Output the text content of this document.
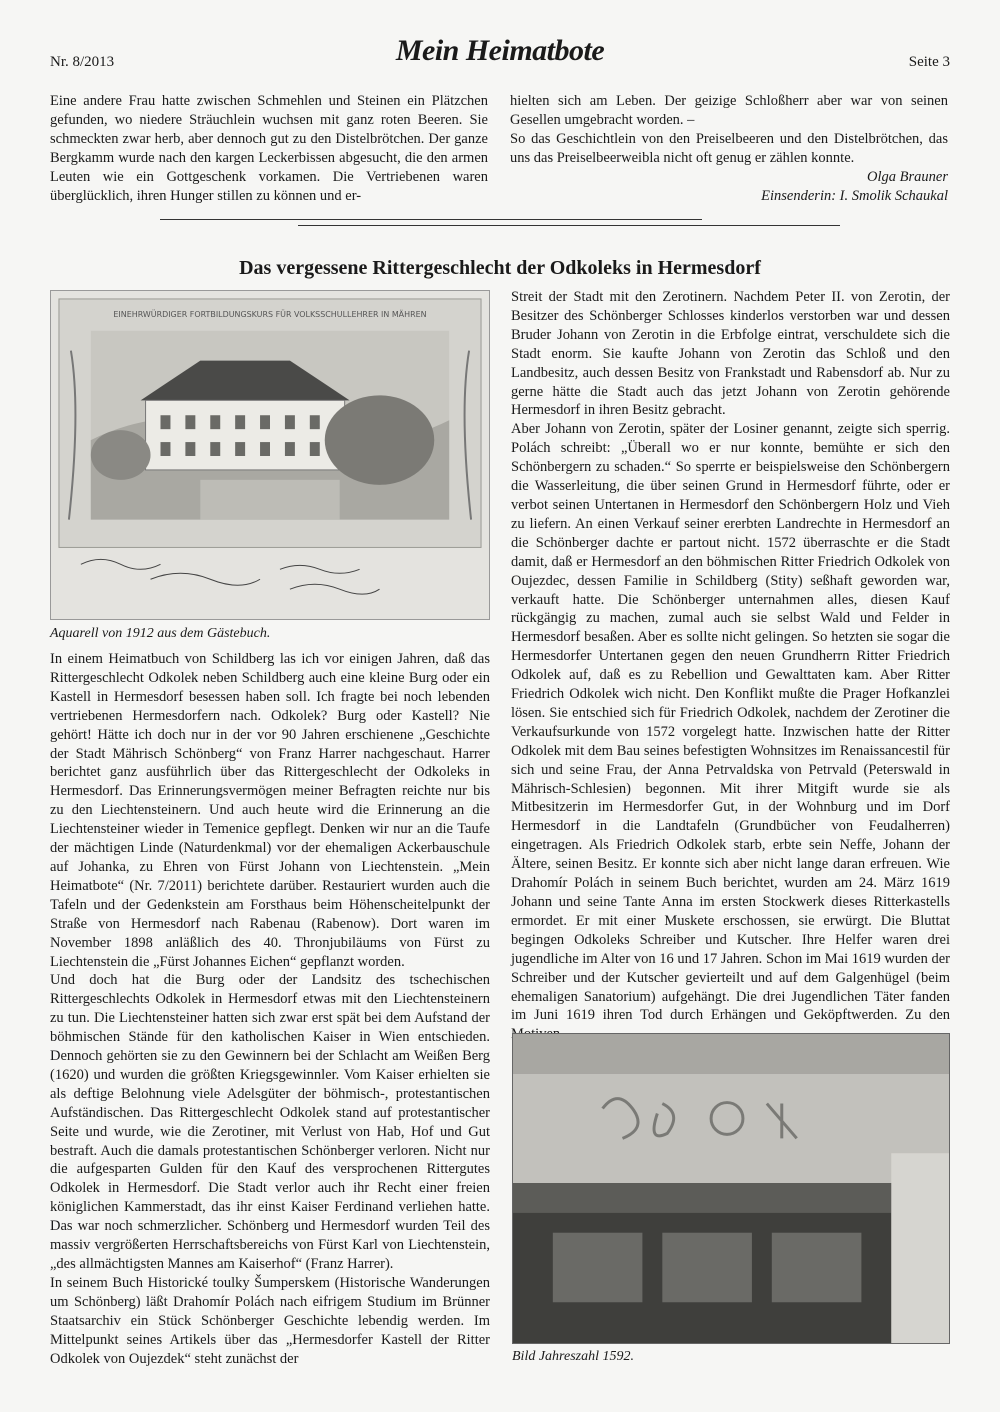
Nr. 8/2013	Mein Heimatbote	Seite 3

Eine andere Frau hatte zwischen Schmehlen und Steinen ein Plätzchen gefunden, wo niedere Sträuchlein wuchsen mit ganz roten Beeren. Sie schmeckten zwar herb, aber dennoch gut zu den Distelbrötchen. Der ganze Bergkamm wurde nach den kargen Leckerbissen abgesucht, die den armen Leuten wie ein Gottgeschenk vorkamen. Die Vertriebenen waren überglücklich, ihren Hunger stillen zu können und er-

hielten sich am Leben. Der geizige Schloßherr aber war von seinen Gesellen umgebracht worden. –

So das Geschichtlein von den Preiselbeeren und den Distelbrötchen, das uns das Preiselbeerweibla nicht oft genug er zählen konnte.

Olga Brauner

Einsenderin: I. Smolik Schaukal

Das vergessene Rittergeschlecht der Odkoleks in Hermesdorf
EINEHRWÜRDIGER FORTBILDUNGSKURS FÜR VOLKSSCHULLEHRER IN MÄHREN
Aquarell von 1912 aus dem Gästebuch.

In einem Heimatbuch von Schildberg las ich vor einigen Jahren, daß das Rittergeschlecht Odkolek neben Schildberg auch eine kleine Burg oder ein Kastell in Hermesdorf besessen haben soll. Ich fragte bei noch lebenden vertriebenen Hermesdorfern nach. Odkolek? Burg oder Kastell? Nie gehört! Hätte ich doch nur in der vor 90 Jahren erschienene „Geschichte der Stadt Mährisch Schönberg“ von Franz Harrer nachgeschaut. Harrer berichtet ganz ausführlich über das Rittergeschlecht der Odkoleks in Hermesdorf. Das Erinnerungsvermögen meiner Befragten reichte nur bis zu den Liechtensteinern. Und auch heute wird die Erinnerung an die Liechtensteiner wieder in Temenice gepflegt. Denken wir nur an die Taufe der mächtigen Linde (Naturdenkmal) vor der ehemaligen Ackerbauschule auf Johanka, zu Ehren von Fürst Johann von Liechtenstein. „Mein Heimatbote“ (Nr. 7/2011) berichtete darüber. Restauriert wurden auch die Tafeln und der Gedenkstein am Forsthaus beim Höhenscheitelpunkt der Straße von Hermesdorf nach Rabenau (Rabenow). Dort waren im November 1898 anläßlich des 40. Thronjubiläums von Fürst zu Liechtenstein die „Fürst Johannes Eichen“ gepflanzt worden.

Und doch hat die Burg oder der Landsitz des tschechischen Rittergeschlechts Odkolek in Hermesdorf etwas mit den Liechtensteinern zu tun. Die Liechtensteiner hatten sich zwar erst spät bei dem Aufstand der böhmischen Stände für den katholischen Kaiser in Wien entschieden. Dennoch gehörten sie zu den Gewinnern bei der Schlacht am Weißen Berg (1620) und wurden die größten Kriegsgewinnler. Vom Kaiser erhielten sie als deftige Belohnung viele Adelsgüter der böhmisch-, protestantischen Aufständischen. Das Rittergeschlecht Odkolek stand auf protestantischer Seite und wurde, wie die Zerotiner, mit Verlust von Hab, Hof und Gut bestraft. Auch die damals protestantischen Schönberger verloren. Nicht nur die aufgesparten Gulden für den Kauf des versprochenen Rittergutes Odkolek in Hermesdorf. Die Stadt verlor auch ihr Recht einer freien königlichen Kammerstadt, das ihr einst Kaiser Ferdinand verliehen hatte. Das war noch schmerzlicher. Schönberg und Hermesdorf wurden Teil des massiv vergrößerten Herrschaftsbereichs von Fürst Karl von Liechtenstein, „des allmächtigsten Mannes am Kaiserhof“ (Franz Harrer).

In seinem Buch Historické toulky Šumperskem (Historische Wanderungen um Schönberg) läßt Drahomír Polách nach eifrigem Studium im Brünner Staatsarchiv ein Stück Schönberger Geschichte lebendig werden. Im Mittelpunkt seines Artikels über das „Hermesdorfer Kastell der Ritter Odkolek von Oujezdek“ steht zunächst der

Streit der Stadt mit den Zerotinern. Nachdem Peter II. von Zerotin, der Besitzer des Schönberger Schlosses kinderlos verstorben war und dessen Bruder Johann von Zerotin in die Erbfolge eintrat, verschuldete sich die Stadt enorm. Sie kaufte Johann von Zerotin das Schloß und den Landbesitz, auch dessen Besitz von Frankstadt und Rabensdorf ab. Nur zu gerne hätte die Stadt auch das jetzt Johann von Zerotin gehörende Hermesdorf in ihren Besitz gebracht.

Aber Johann von Zerotin, später der Losiner genannt, zeigte sich sperrig. Polách schreibt: „Überall wo er nur konnte, bemühte er sich den Schönbergern zu schaden.“ So sperrte er beispielsweise den Schönbergern die Wasserleitung, die über seinen Grund in Hermesdorf führte, oder er verbot seinen Untertanen in Hermesdorf den Schönbergern Holz und Vieh zu liefern. An einen Verkauf seiner ererbten Landrechte in Hermesdorf an die Schönberger dachte er partout nicht. 1572 überraschte er die Stadt damit, daß er Hermesdorf an den böhmischen Ritter Friedrich Odkolek von Oujezdec, dessen Familie in Schildberg (Stity) seßhaft geworden war, verkauft hatte. Die Schönberger unternahmen alles, diesen Kauf rückgängig zu machen, zumal auch sie selbst Wald und Felder in Hermesdorf besaßen. Aber es sollte nicht gelingen. So hetzten sie sogar die Hermesdorfer Untertanen gegen den neuen Grundherrn Ritter Friedrich Odkolek auf, daß es zu Rebellion und Gewalttaten kam. Aber Ritter Friedrich Odkolek wich nicht. Den Konflikt mußte die Prager Hofkanzlei lösen. Sie entschied sich für Friedrich Odkolek, nachdem der Zerotiner die Verkaufsurkunde von 1572 vorgelegt hatte. Inzwischen hatte der Ritter Odkolek mit dem Bau seines befestigten Wohnsitzes im Renaissancestil für sich und seine Frau, der Anna Petrvaldska von Petrvald (Peterswald in Mährisch-Schlesien) begonnen. Mit ihrer Mitgift wurde sie als Mitbesitzerin im Hermesdorfer Gut, in der Wohnburg und im Dorf Hermesdorf in die Landtafeln (Grundbücher von Feudalherren) eingetragen. Als Friedrich Odkolek starb, erbte sein Neffe, Johann der Ältere, seinen Besitz. Er konnte sich aber nicht lange daran erfreuen. Wie Drahomír Polách in seinem Buch berichtet, wurden am 24. März 1619 Johann und seine Tante Anna im ersten Stockwerk dieses Ritterkastells ermordet. Er mit einer Muskete erschossen, sie erwürgt. Die Bluttat begingen Odkoleks Schreiber und Kutscher. Ihre Helfer waren drei jugendliche im Alter von 16 und 17 Jahren. Schon im Mai 1619 wurden der Schreiber und der Kutscher gevierteilt und auf dem Galgenhügel (beim ehemaligen Sanatorium) aufgehängt. Die drei Jugendlichen Täter fanden im Juni 1619 ihren Tod durch Erhängen und Geköpftwerden. Zu den

Bild Jahreszahl 1592.
